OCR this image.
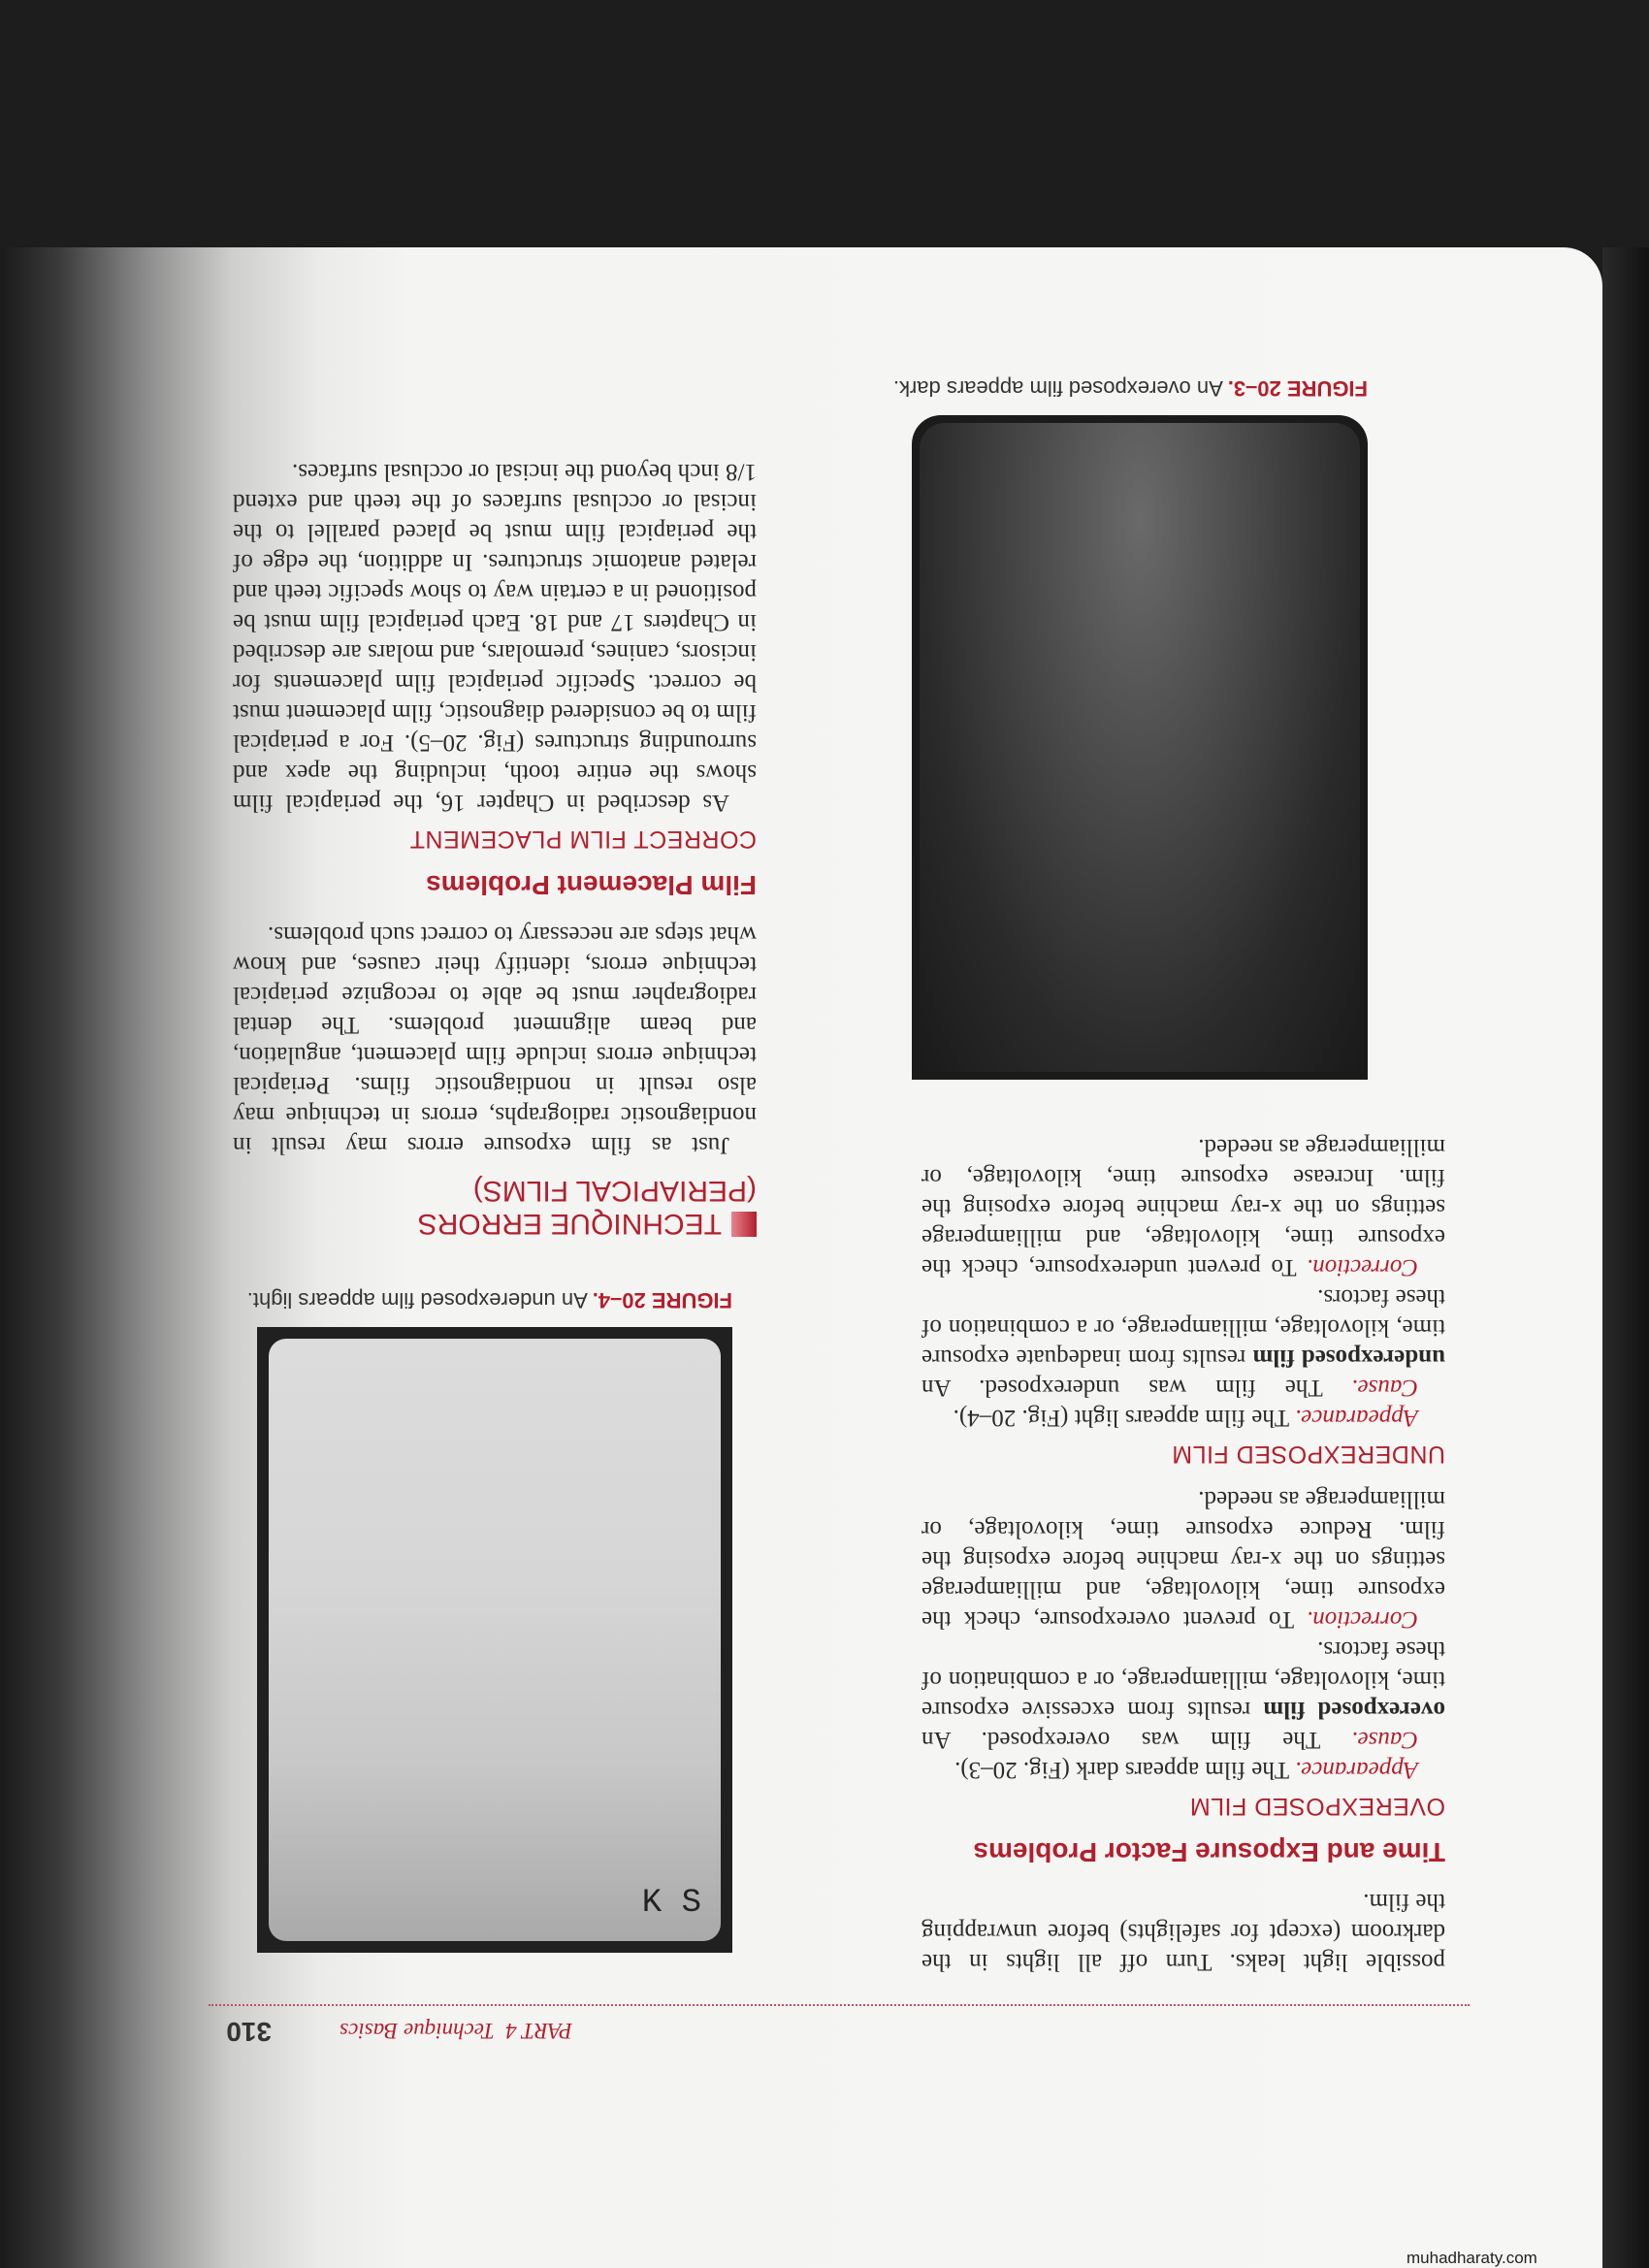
310	PART 4  Technique Basics

possible light leaks. Turn off all lights in the darkroom (except for safelights) before unwrapping the film.

Time and Exposure Factor Problems
OVEREXPOSED FILM

Appearance. The film appears dark (Fig. 20–3).

Cause. The film was overexposed. An overexposed film results from excessive exposure time, kilovoltage, milliamperage, or a combination of these factors.

Correction. To prevent overexposure, check the exposure time, kilovoltage, and milliamperage settings on the x-ray machine before exposing the film. Reduce exposure time, kilovoltage, or milliamperage as needed.

UNDEREXPOSED FILM

Appearance. The film appears light (Fig. 20–4).

Cause. The film was underexposed. An underexposed film results from inadequate exposure time, kilovoltage, milliamperage, or a combination of these factors.

Correction. To prevent underexposure, check the exposure time, kilovoltage, and milliamperage settings on the x-ray machine before exposing the film. Increase exposure time, kilovoltage, or milliamperage as needed.

K S
FIGURE 20–4. An underexposed film appears light.
TECHNIQUE ERRORS (PERIAPICAL FILMS)

Just as film exposure errors may result in nondiagnostic radiographs, errors in technique may also result in nondiagnostic films. Periapical technique errors include film placement, angulation, and beam alignment problems. The dental radiographer must be able to recognize periapical technique errors, identify their causes, and know what steps are necessary to correct such problems.

Film Placement Problems
CORRECT FILM PLACEMENT

As described in Chapter 16, the periapical film shows the entire tooth, including the apex and surrounding structures (Fig. 20–5). For a periapical film to be considered diagnostic, film placement must be correct. Specific periapical film placements for incisors, canines, premolars, and molars are described in Chapters 17 and 18. Each periapical film must be positioned in a certain way to show specific teeth and related anatomic structures. In addition, the edge of the periapical film must be placed parallel to the incisal or occlusal surfaces of the teeth and extend 1/8 inch beyond the incisal or occlusal surfaces.

FIGURE 20–3. An overexposed film appears dark.
muhadharaty.com
